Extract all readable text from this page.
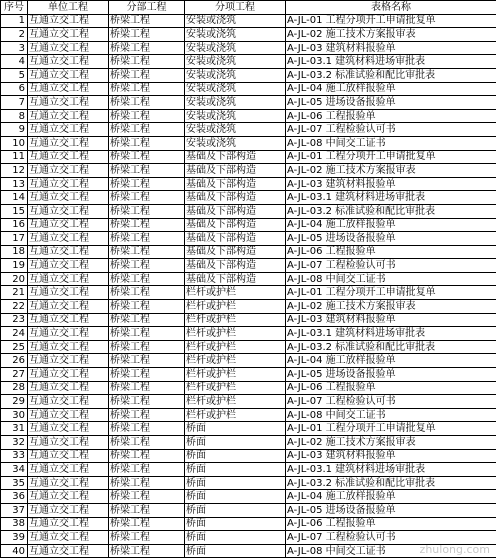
序号	单位工程	分部工程	分项工程	表格名称
1	互通立交工程	桥梁工程	安装或浇筑	A-JL-01 工程分项开工申请批复单
2	互通立交工程	桥梁工程	安装或浇筑	A-JL-02 施工技术方案报审表
3	互通立交工程	桥梁工程	安装或浇筑	A-JL-03 建筑材料报验单
4	互通立交工程	桥梁工程	安装或浇筑	A-JL-03.1 建筑材料进场审批表
5	互通立交工程	桥梁工程	安装或浇筑	A-JL-03.2 标准试验和配比审批表
6	互通立交工程	桥梁工程	安装或浇筑	A-JL-04 施工放样报验单
7	互通立交工程	桥梁工程	安装或浇筑	A-JL-05 进场设备报验单
8	互通立交工程	桥梁工程	安装或浇筑	A-JL-06 工程报验单
9	互通立交工程	桥梁工程	安装或浇筑	A-JL-07 工程检验认可书
10	互通立交工程	桥梁工程	安装或浇筑	A-JL-08 中间交工证书
11	互通立交工程	桥梁工程	基础及下部构造	A-JL-01 工程分项开工申请批复单
12	互通立交工程	桥梁工程	基础及下部构造	A-JL-02 施工技术方案报审表
13	互通立交工程	桥梁工程	基础及下部构造	A-JL-03 建筑材料报验单
14	互通立交工程	桥梁工程	基础及下部构造	A-JL-03.1 建筑材料进场审批表
15	互通立交工程	桥梁工程	基础及下部构造	A-JL-03.2 标准试验和配比审批表
16	互通立交工程	桥梁工程	基础及下部构造	A-JL-04 施工放样报验单
17	互通立交工程	桥梁工程	基础及下部构造	A-JL-05 进场设备报验单
18	互通立交工程	桥梁工程	基础及下部构造	A-JL-06 工程报验单
19	互通立交工程	桥梁工程	基础及下部构造	A-JL-07 工程检验认可书
20	互通立交工程	桥梁工程	基础及下部构造	A-JL-08 中间交工证书
21	互通立交工程	桥梁工程	栏杆或护栏	A-JL-01 工程分项开工申请批复单
22	互通立交工程	桥梁工程	栏杆或护栏	A-JL-02 施工技术方案报审表
23	互通立交工程	桥梁工程	栏杆或护栏	A-JL-03 建筑材料报验单
24	互通立交工程	桥梁工程	栏杆或护栏	A-JL-03.1 建筑材料进场审批表
25	互通立交工程	桥梁工程	栏杆或护栏	A-JL-03.2 标准试验和配比审批表
26	互通立交工程	桥梁工程	栏杆或护栏	A-JL-04 施工放样报验单
27	互通立交工程	桥梁工程	栏杆或护栏	A-JL-05 进场设备报验单
28	互通立交工程	桥梁工程	栏杆或护栏	A-JL-06 工程报验单
29	互通立交工程	桥梁工程	栏杆或护栏	A-JL-07 工程检验认可书
30	互通立交工程	桥梁工程	栏杆或护栏	A-JL-08 中间交工证书
31	互通立交工程	桥梁工程	桥面	A-JL-01 工程分项开工申请批复单
32	互通立交工程	桥梁工程	桥面	A-JL-02 施工技术方案报审表
33	互通立交工程	桥梁工程	桥面	A-JL-03 建筑材料报验单
34	互通立交工程	桥梁工程	桥面	A-JL-03.1 建筑材料进场审批表
35	互通立交工程	桥梁工程	桥面	A-JL-03.2 标准试验和配比审批表
36	互通立交工程	桥梁工程	桥面	A-JL-04 施工放样报验单
37	互通立交工程	桥梁工程	桥面	A-JL-05 进场设备报验单
38	互通立交工程	桥梁工程	桥面	A-JL-06 工程报验单
39	互通立交工程	桥梁工程	桥面	A-JL-07 工程检验认可书
40	互通立交工程	桥梁工程	桥面	A-JL-08 中间交工证书	zhulong.com
